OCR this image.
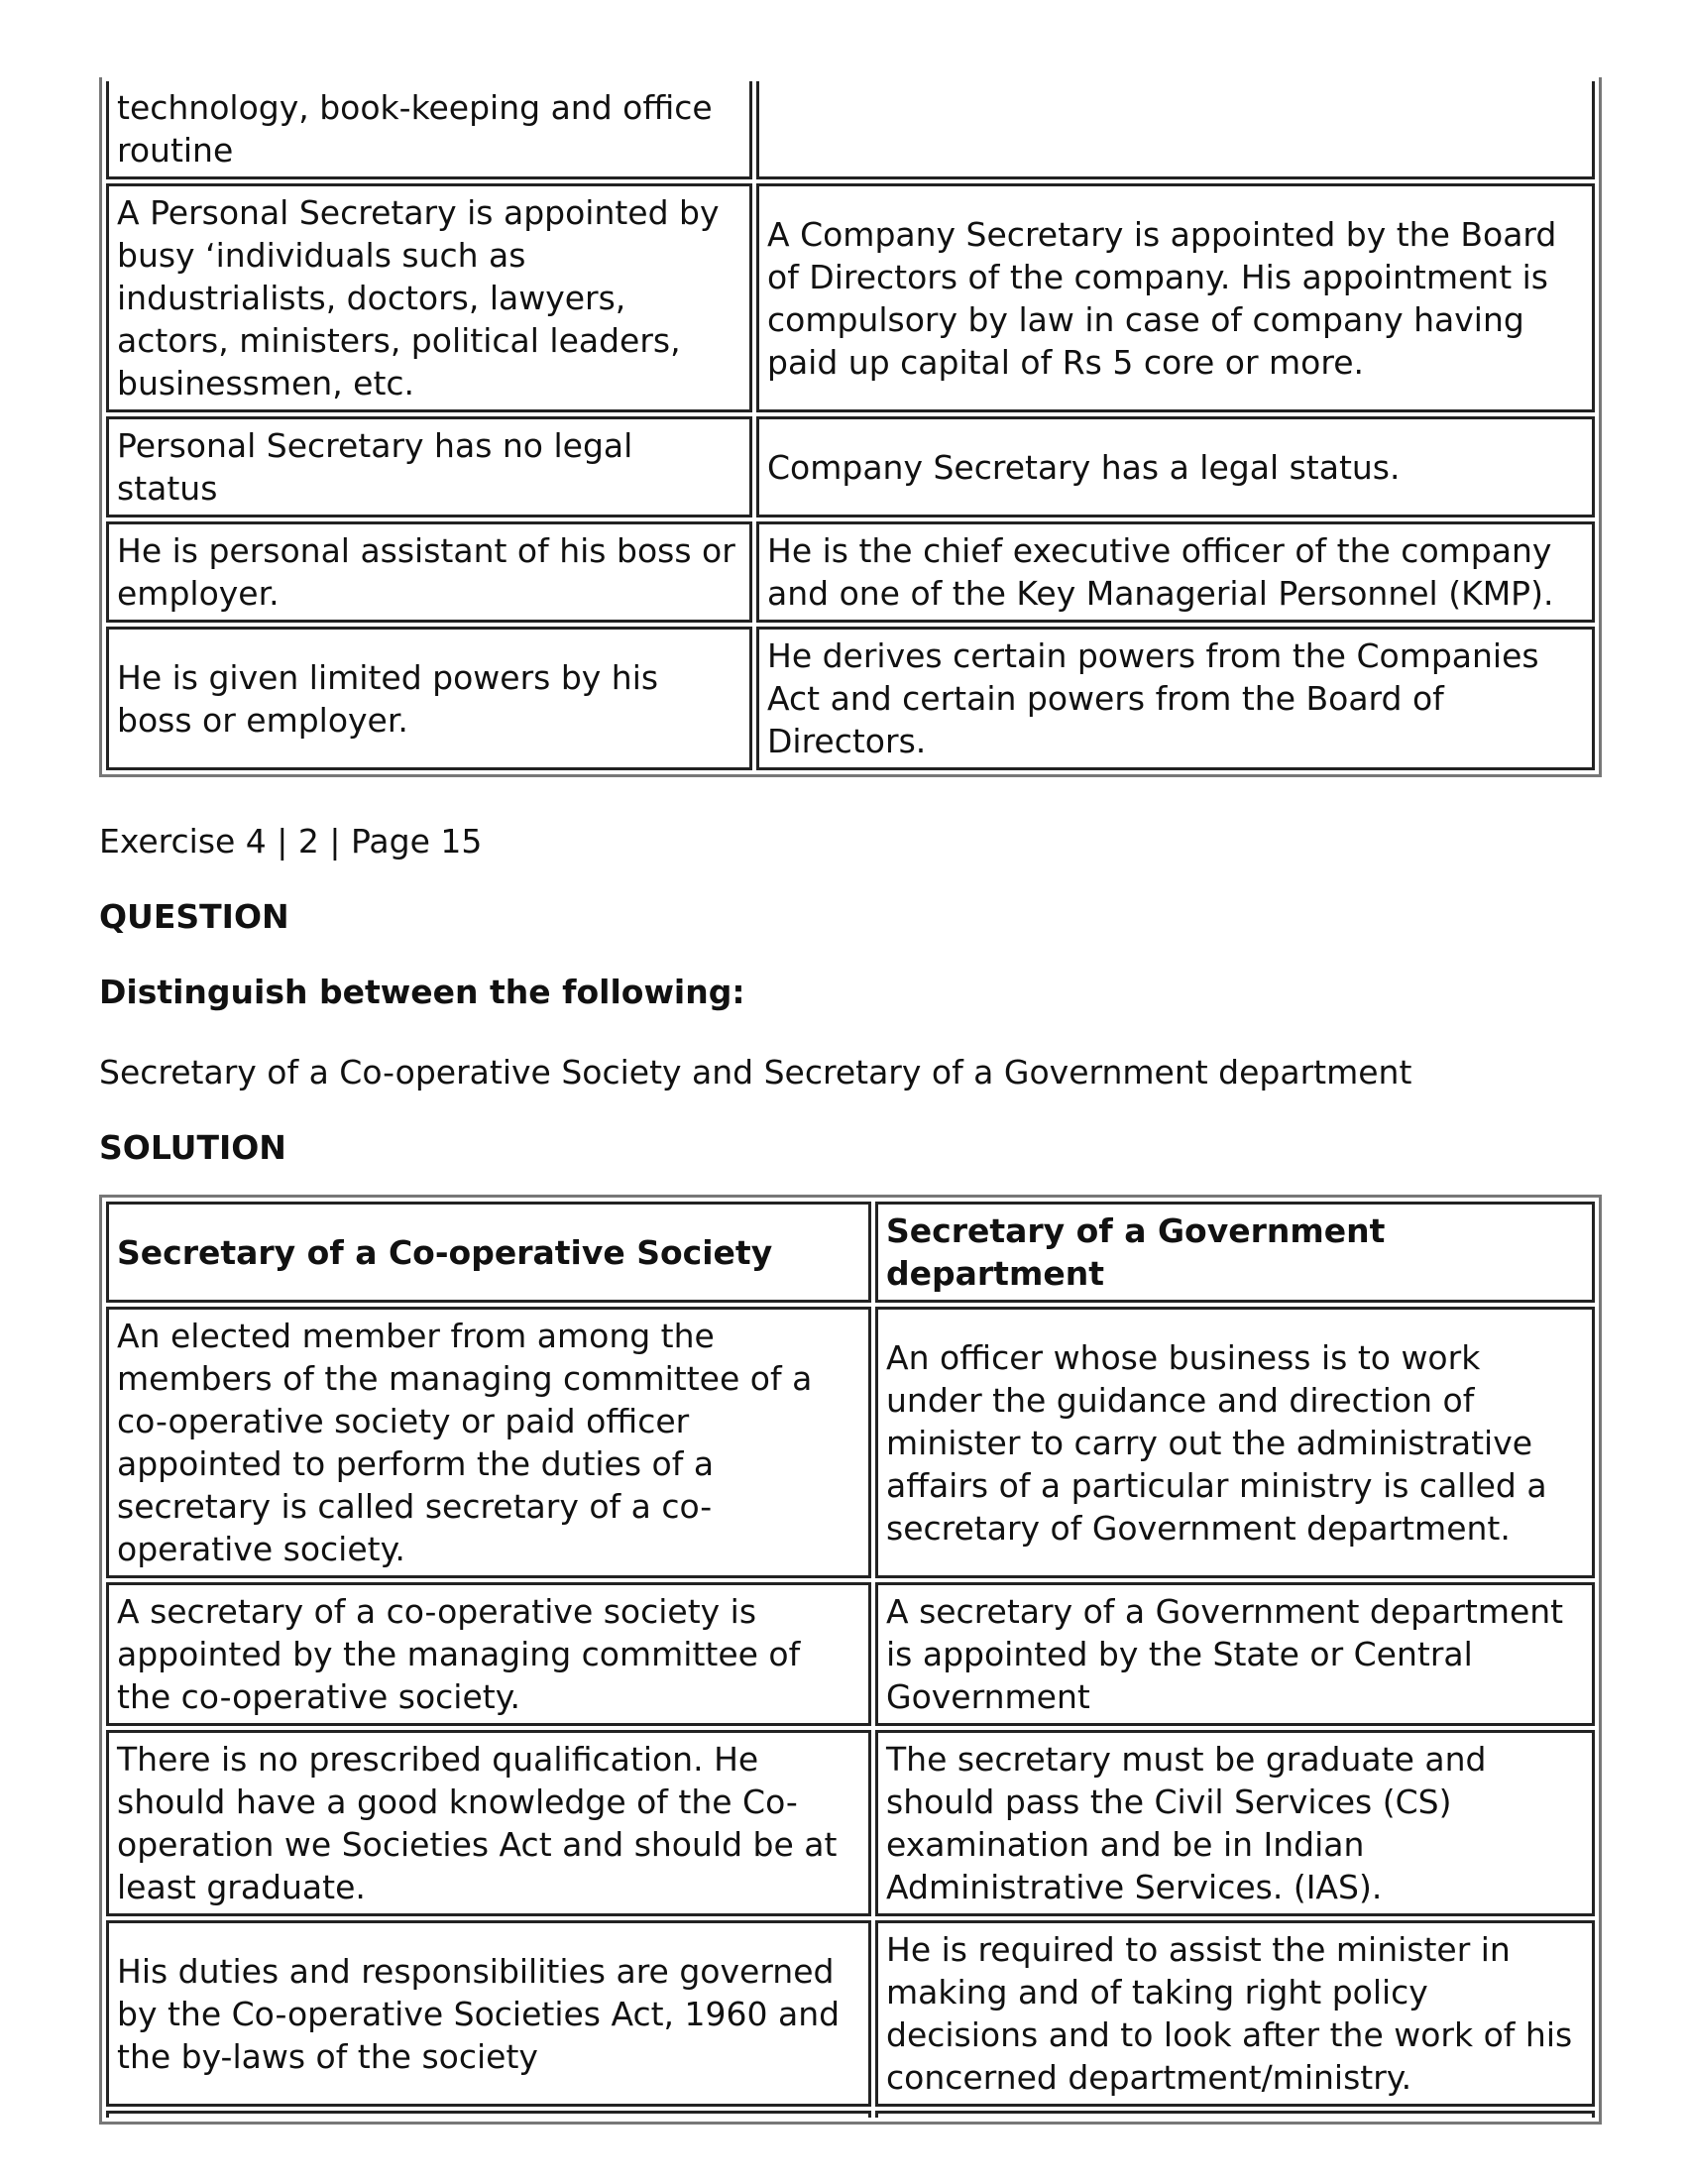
technology, book-keeping and office routine	
A Personal Secretary is appointed by busy ‘individuals such as industrialists, doctors, lawyers, actors, ministers, political leaders, businessmen, etc.	A Company Secretary is appointed by the Board of Directors of the company. His appointment is compulsory by law in case of company having paid up capital of Rs 5 core or more.
Personal Secretary has no legal status	Company Secretary has a legal status.
He is personal assistant of his boss or employer.	He is the chief executive officer of the company and one of the Key Managerial Personnel (KMP).
He is given limited powers by his boss or employer.	He derives certain powers from the Companies Act and certain powers from the Board of Directors.
Exercise 4 | 2 | Page 15
QUESTION
Distinguish between the following:
Secretary of a Co-operative Society and Secretary of a Government department
SOLUTION
Secretary of a Co-operative Society	Secretary of a Government department
An elected member from among the members of the managing committee of a co-operative society or paid officer appointed to perform the duties of a secretary is called secretary of a co-operative society.	An officer whose business is to work under the guidance and direction of minister to carry out the administrative affairs of a particular ministry is called a secretary of Government department.
A secretary of a co-operative society is appointed by the managing committee of the co-operative society.	A secretary of a Government department is appointed by the State or Central Government
There is no prescribed qualification. He should have a good knowledge of the Co-operation we Societies Act and should be at least graduate.	The secretary must be graduate and should pass the Civil Services (CS) examination and be in Indian Administrative Services. (IAS).
His duties and responsibilities are governed by the Co-operative Societies Act, 1960 and the by-laws of the society	He is required to assist the minister in making and of taking right policy decisions and to look after the work of his concerned department/ministry.
